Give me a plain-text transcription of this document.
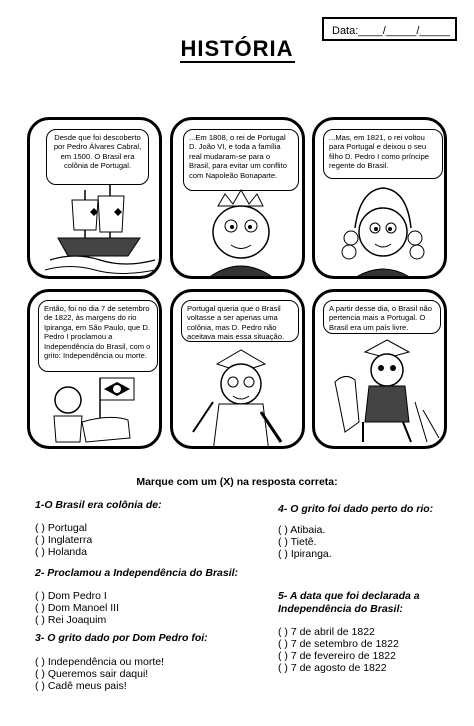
Data:____/_____/_____
HISTÓRIA
Desde que foi descoberto por Pedro Álvares Cabral, em 1500. O Brasil era colônia de Portugal.
...Em 1808, o rei de Portugal D. João VI, e toda a família real mudaram-se para o Brasil, para evitar um conflito com Napoleão Bonaparte.
...Mas, em 1821, o rei voltou para Portugal e deixou o seu filho D. Pedro I como príncipe regente do Brasil.
Então, foi no dia 7 de setembro de 1822, às margens do rio Ipiranga, em São Paulo, que D. Pedro I proclamou a Independência do Brasil, com o grito: Independência ou morte.
Portugal queria que o Brasil voltasse a ser apenas uma colônia, mas D. Pedro não aceitava mais essa situação.
A partir desse dia, o Brasil não pertencia mais a Portugal. O Brasil era um país livre.
Marque com um (X) na resposta correta:
1-O Brasil era colônia de:
( ) Portugal
( ) Inglaterra
( ) Holanda
2- Proclamou a Independência do Brasil:
( ) Dom Pedro I
( ) Dom Manoel III
( ) Rei Joaquim
3- O grito dado por Dom Pedro foi:
( ) Independência ou morte!
( ) Queremos sair daqui!
( ) Cadê meus pais!
4- O grito foi dado perto do rio:
( ) Atibaia.
( ) Tietê.
( ) Ipiranga.
5- A data que foi declarada a Independência do Brasil:
( ) 7 de abril de 1822
( ) 7 de setembro de 1822
( ) 7 de fevereiro de 1822
( ) 7 de agosto de 1822
